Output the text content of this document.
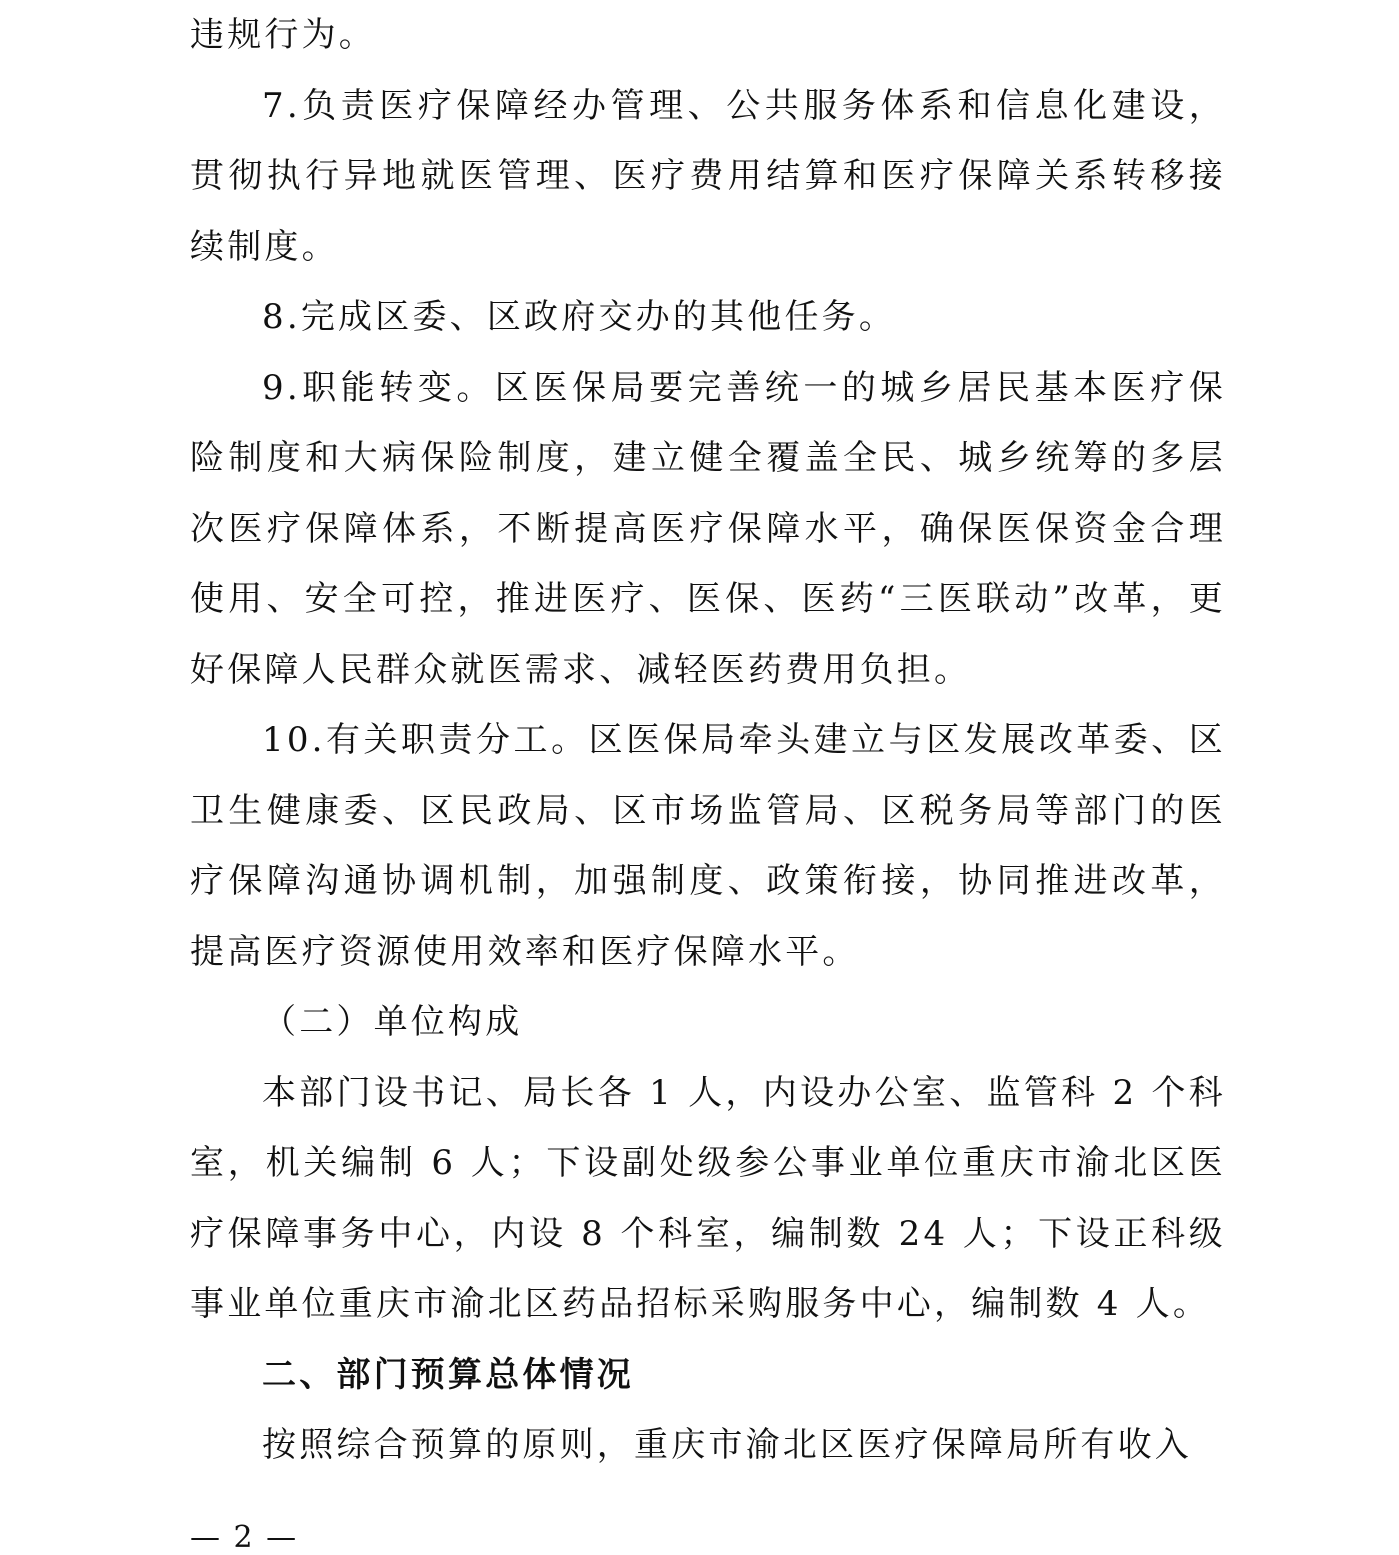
违规行为。

7.负责医疗保障经办管理、公共服务体系和信息化建设，贯彻执行异地就医管理、医疗费用结算和医疗保障关系转移接续制度。

8.完成区委、区政府交办的其他任务。

9.职能转变。区医保局要完善统一的城乡居民基本医疗保险制度和大病保险制度，建立健全覆盖全民、城乡统筹的多层次医疗保障体系，不断提高医疗保障水平，确保医保资金合理使用、安全可控，推进医疗、医保、医药“三医联动”改革，更好保障人民群众就医需求、减轻医药费用负担。

10.有关职责分工。区医保局牵头建立与区发展改革委、区卫生健康委、区民政局、区市场监管局、区税务局等部门的医疗保障沟通协调机制，加强制度、政策衔接，协同推进改革，提高医疗资源使用效率和医疗保障水平。

（二）单位构成

本部门设书记、局长各 1 人，内设办公室、监管科 2 个科室，机关编制 6 人；下设副处级参公事业单位重庆市渝北区医疗保障事务中心，内设 8 个科室，编制数 24 人；下设正科级事业单位重庆市渝北区药品招标采购服务中心，编制数 4 人。

二、部门预算总体情况

按照综合预算的原则，重庆市渝北区医疗保障局所有收入

— 2 —
